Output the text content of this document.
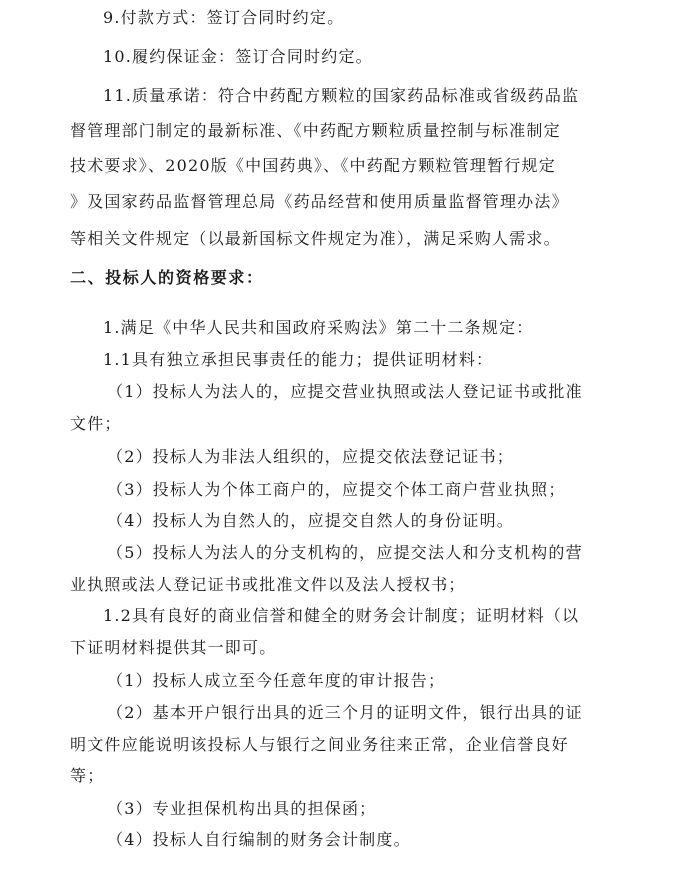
9.付款方式：签订合同时约定。
10.履约保证金：签订合同时约定。
11.质量承诺：符合中药配方颗粒的国家药品标准或省级药品监
督管理部门制定的最新标准、《中药配方颗粒质量控制与标准制定
技术要求》、2020版《中国药典》、《中药配方颗粒管理暂行规定
》及国家药品监督管理总局《药品经营和使用质量监督管理办法》
等相关文件规定（以最新国标文件规定为准），满足采购人需求。
二、投标人的资格要求：
1.满足《中华人民共和国政府采购法》第二十二条规定：
1.1具有独立承担民事责任的能力；提供证明材料：
（1）投标人为法人的，应提交营业执照或法人登记证书或批准
文件；
（2）投标人为非法人组织的，应提交依法登记证书；
（3）投标人为个体工商户的，应提交个体工商户营业执照；
（4）投标人为自然人的，应提交自然人的身份证明。
（5）投标人为法人的分支机构的，应提交法人和分支机构的营
业执照或法人登记证书或批准文件以及法人授权书；
1.2具有良好的商业信誉和健全的财务会计制度；证明材料（以
下证明材料提供其一即可。
（1）投标人成立至今任意年度的审计报告；
（2）基本开户银行出具的近三个月的证明文件，银行出具的证
明文件应能说明该投标人与银行之间业务往来正常，企业信誉良好
等；
（3）专业担保机构出具的担保函；
（4）投标人自行编制的财务会计制度。
